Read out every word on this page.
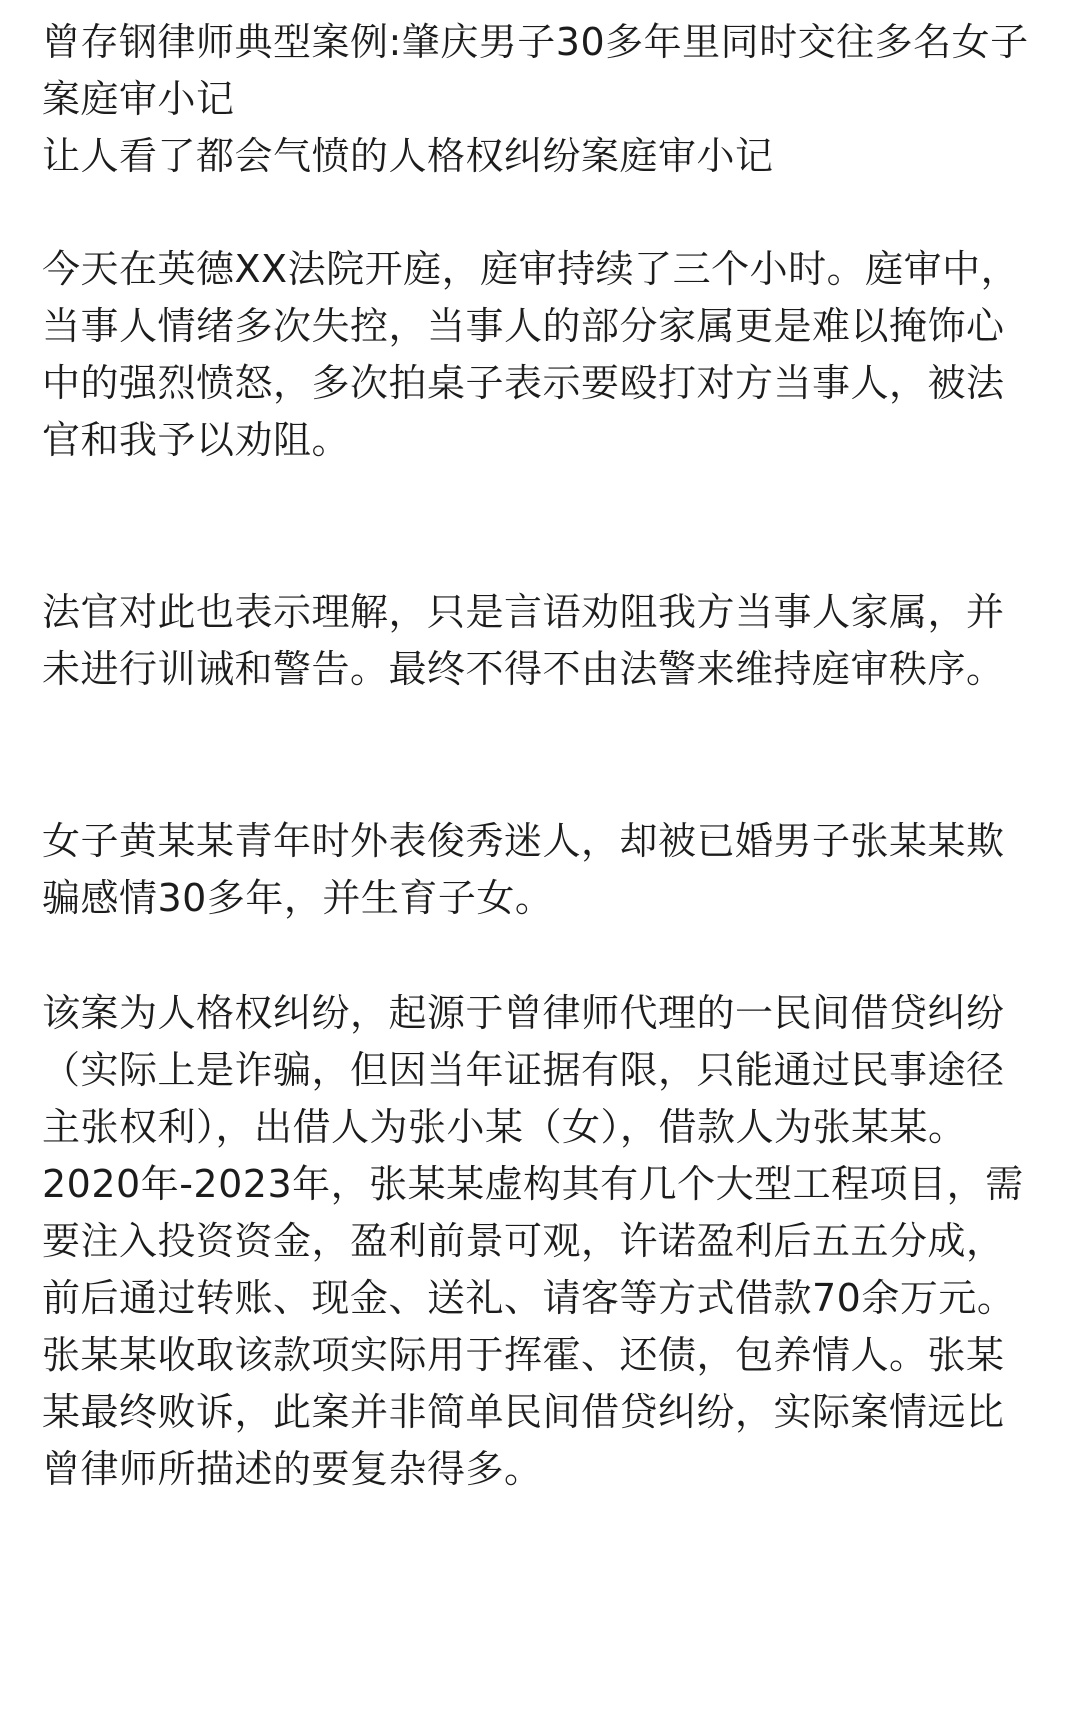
曾存钢律师典型案例:肇庆男子30多年里同时交往多名女子案庭审小记
让人看了都会气愤的人格权纠纷案庭审小记

今天在英德XX法院开庭，庭审持续了三个小时。庭审中，当事人情绪多次失控，当事人的部分家属更是难以掩饰心中的强烈愤怒，多次拍桌子表示要殴打对方当事人，被法官和我予以劝阻。

法官对此也表示理解，只是言语劝阻我方当事人家属，并未进行训诫和警告。最终不得不由法警来维持庭审秩序。

女子黄某某青年时外表俊秀迷人，却被已婚男子张某某欺骗感情30多年，并生育子女。

该案为人格权纠纷，起源于曾律师代理的一民间借贷纠纷（实际上是诈骗，但因当年证据有限，只能通过民事途径主张权利），出借人为张小某（女），借款人为张某某。2020年-2023年，张某某虚构其有几个大型工程项目，需要注入投资资金，盈利前景可观，许诺盈利后五五分成，前后通过转账、现金、送礼、请客等方式借款70余万元。张某某收取该款项实际用于挥霍、还债，包养情人。张某某最终败诉，此案并非简单民间借贷纠纷，实际案情远比曾律师所描述的要复杂得多。
